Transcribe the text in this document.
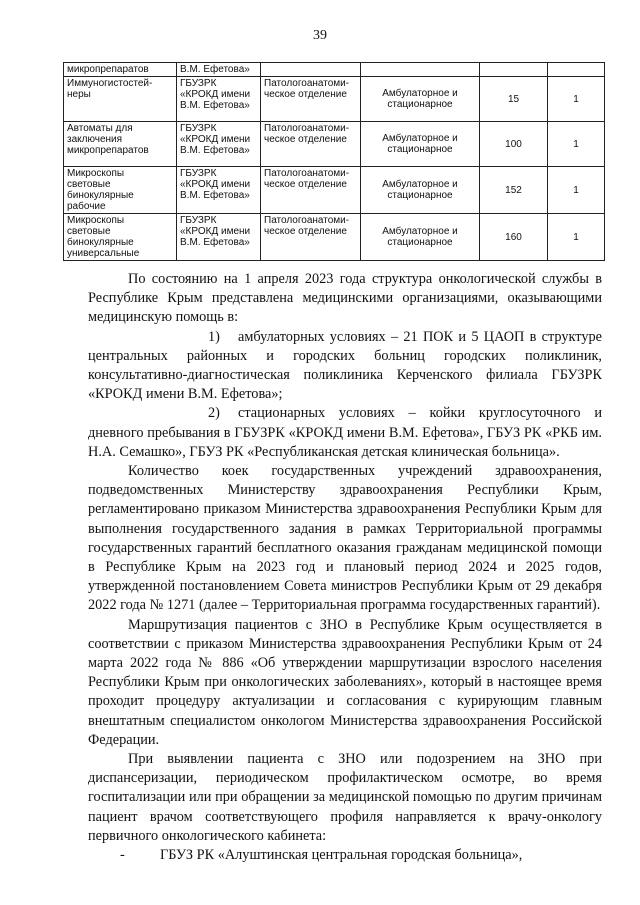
39
микропрепаратов	В.М. Ефетова»				
Иммуногистостей-
неры	ГБУЗРК
«КРОКД имени
В.М. Ефетова»	Патологоанатоми-
ческое отделение	Амбулаторное и
стационарное	15	1
Автоматы для
заключения
микропрепаратов	ГБУЗРК
«КРОКД имени
В.М. Ефетова»	Патологоанатоми-
ческое отделение	Амбулаторное и
стационарное	100	1
Микроскопы
световые
бинокулярные
рабочие	ГБУЗРК
«КРОКД имени
В.М. Ефетова»	Патологоанатоми-
ческое отделение	Амбулаторное и
стационарное	152	1
Микроскопы
световые
бинокулярные
универсальные	ГБУЗРК
«КРОКД имени
В.М. Ефетова»	Патологоанатоми-
ческое отделение	Амбулаторное и
стационарное	160	1

По состоянию на 1 апреля 2023 года структура онкологической службы в Республике Крым представлена медицинскими организациями, оказывающими медицинскую помощь в:

1) амбулаторных условиях – 21 ПОК и 5 ЦАОП в структуре центральных районных и городских больниц городских поликлиник, консультативно-диагностическая поликлиника Керченского филиала ГБУЗРК «КРОКД имени В.М. Ефетова»;

2) стационарных условиях – койки круглосуточного и дневного пребывания в ГБУЗРК «КРОКД имени В.М. Ефетова», ГБУЗ РК «РКБ им. Н.А. Семашко», ГБУЗ РК «Республиканская детская клиническая больница».

Количество коек государственных учреждений здравоохранения, подведомственных Министерству здравоохранения Республики Крым, регламентировано приказом Министерства здравоохранения Республики Крым для выполнения государственного задания в рамках Территориальной программы государственных гарантий бесплатного оказания гражданам медицинской помощи в Республике Крым на 2023 год и плановый период 2024 и 2025 годов, утвержденной постановлением Совета министров Республики Крым от 29 декабря 2022 года № 1271 (далее – Территориальная программа государственных гарантий).

Маршрутизация пациентов с ЗНО в Республике Крым осуществляется в соответствии с приказом Министерства здравоохранения Республики Крым от 24 марта 2022 года № 886 «Об утверждении маршрутизации взрослого населения Республики Крым при онкологических заболеваниях», который в настоящее время проходит процедуру актуализации и согласования с курирующим главным внештатным специалистом онкологом Министерства здравоохранения Российской Федерации.

При выявлении пациента с ЗНО или подозрением на ЗНО при диспансеризации, периодическом профилактическом осмотре, во время госпитализации или при обращении за медицинской помощью по другим причинам пациент врачом соответствующего профиля направляется к врачу-онкологу первичного онкологического кабинета:

- ГБУЗ РК «Алуштинская центральная городская больница»,
